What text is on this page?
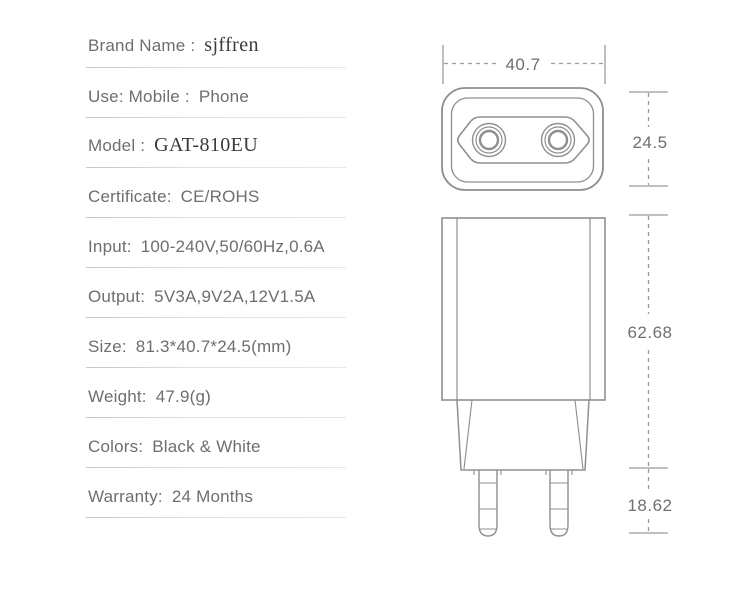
Brand Name : sjffren
Use: Mobile : Phone
Model : GAT-810EU
Certificate: CE/ROHS
Input: 100-240V,50/60Hz,0.6A
Output: 5V3A,9V2A,12V1.5A
Size: 81.3*40.7*24.5(mm)
Weight: 47.9(g)
Colors: Black & White
Warranty: 24 Months
40.7
24.5
62.68
18.62
